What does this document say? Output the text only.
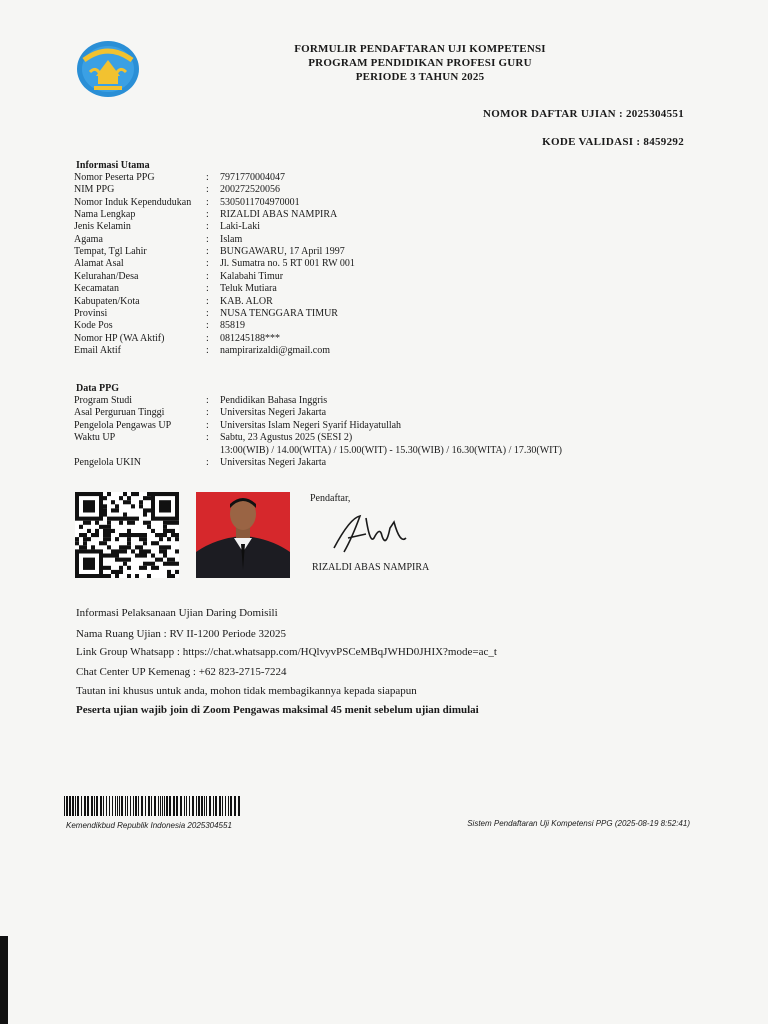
FORMULIR PENDAFTARAN UJI KOMPETENSI
PROGRAM PENDIDIKAN PROFESI GURU
PERIODE 3 TAHUN 2025
NOMOR DAFTAR UJIAN : 2025304551
KODE VALIDASI : 8459292
Informasi Utama
Nomor Peserta PPG	: 7971770004047
NIM PPG	: 200272520056
Nomor Induk Kependudukan	: 5305011704970001
Nama Lengkap	: RIZALDI ABAS NAMPIRA
Jenis Kelamin	: Laki-Laki
Agama	: Islam
Tempat, Tgl Lahir	: BUNGAWARU, 17 April 1997
Alamat Asal	: Jl. Sumatra no. 5 RT 001 RW 001
Kelurahan/Desa	: Kalabahi Timur
Kecamatan	: Teluk Mutiara
Kabupaten/Kota	: KAB. ALOR
Provinsi	: NUSA TENGGARA TIMUR
Kode Pos	: 85819
Nomor HP (WA Aktif)	: 081245188***
Email Aktif	: nampirarizaldi@gmail.com
Data PPG
Program Studi	: Pendidikan Bahasa Inggris
Asal Perguruan Tinggi	: Universitas Negeri Jakarta
Pengelola Pengawas UP	: Universitas Islam Negeri Syarif Hidayatullah
Waktu UP	: Sabtu, 23 Agustus 2025 (SESI 2)
13:00(WIB) / 14.00(WITA) / 15.00(WIT) - 15.30(WIB) / 16.30(WITA) / 17.30(WIT)
Pengelola UKIN	: Universitas Negeri Jakarta
Pendaftar,
RIZALDI ABAS NAMPIRA
Informasi Pelaksanaan Ujian Daring Domisili
Nama Ruang Ujian : RV II-1200 Periode 32025
Link Group Whatsapp : https://chat.whatsapp.com/HQlvyvPSCeMBqJWHD0JHIX?mode=ac_t
Chat Center UP Kemenag : +62 823-2715-7224
Tautan ini khusus untuk anda, mohon tidak membagikannya kepada siapapun
Peserta ujian wajib join di Zoom Pengawas maksimal 45 menit sebelum ujian dimulai
Kemendikbud Republik Indonesia 2025304551	Sistem Pendaftaran Uji Kompetensi PPG (2025-08-19 8:52:41)
